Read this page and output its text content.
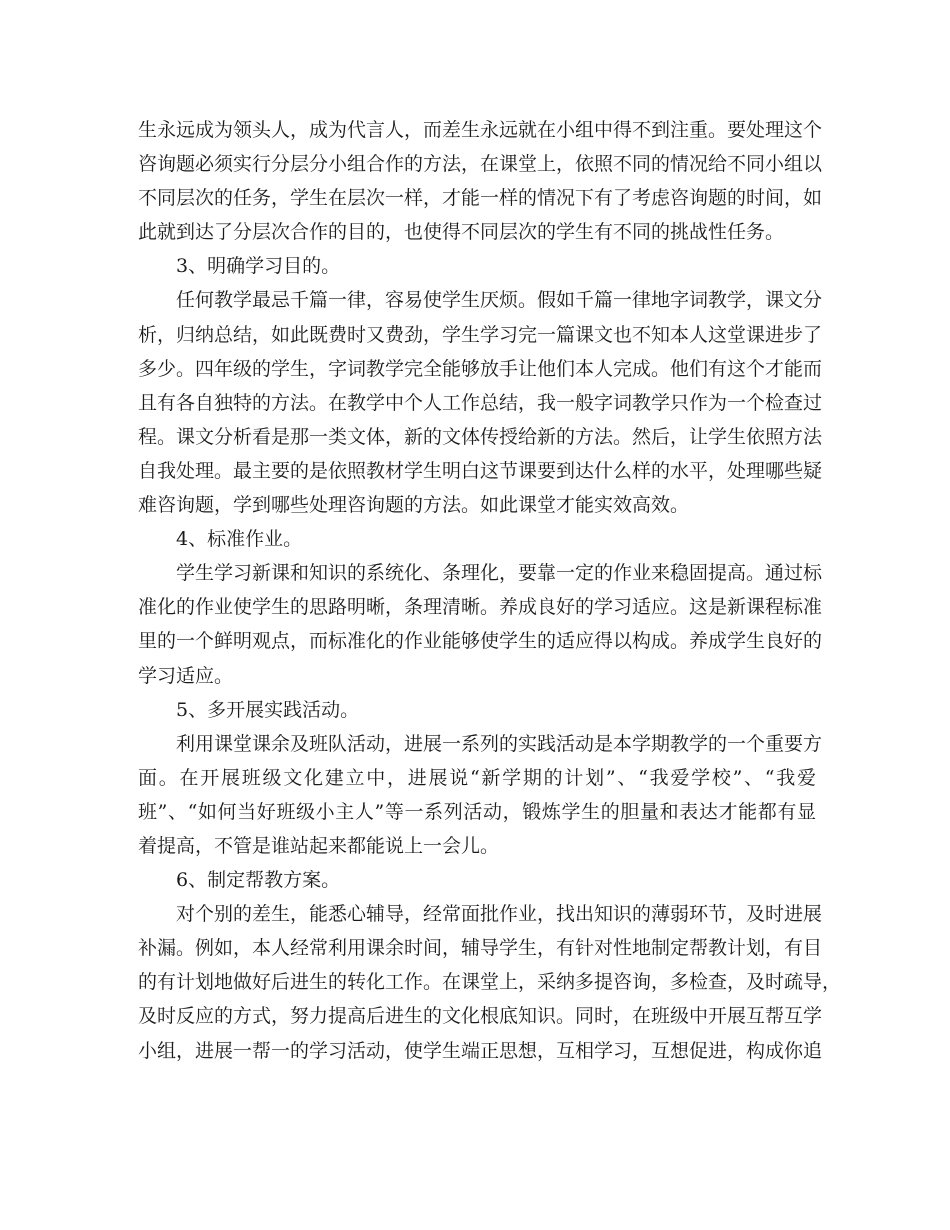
生永远成为领头人，成为代言人，而差生永远就在小组中得不到注重。要处理这个
咨询题必须实行分层分小组合作的方法，在课堂上，依照不同的情况给不同小组以
不同层次的任务，学生在层次一样，才能一样的情况下有了考虑咨询题的时间，如
此就到达了分层次合作的目的，也使得不同层次的学生有不同的挑战性任务。
3、明确学习目的。
任何教学最忌千篇一律，容易使学生厌烦。假如千篇一律地字词教学，课文分
析，归纳总结，如此既费时又费劲，学生学习完一篇课文也不知本人这堂课进步了
多少。四年级的学生，字词教学完全能够放手让他们本人完成。他们有这个才能而
且有各自独特的方法。在教学中个人工作总结，我一般字词教学只作为一个检查过
程。课文分析看是那一类文体，新的文体传授给新的方法。然后，让学生依照方法
自我处理。最主要的是依照教材学生明白这节课要到达什么样的水平，处理哪些疑
难咨询题，学到哪些处理咨询题的方法。如此课堂才能实效高效。
4、标准作业。
学生学习新课和知识的系统化、条理化，要靠一定的作业来稳固提高。通过标
准化的作业使学生的思路明晰，条理清晰。养成良好的学习适应。这是新课程标准
里的一个鲜明观点，而标准化的作业能够使学生的适应得以构成。养成学生良好的
学习适应。
5、多开展实践活动。
利用课堂课余及班队活动，进展一系列的实践活动是本学期教学的一个重要方
面。在开展班级文化建立中，进展说“新学期的计划”、“我爱学校”、“我爱
班”、“如何当好班级小主人”等一系列活动，锻炼学生的胆量和表达才能都有显
着提高，不管是谁站起来都能说上一会儿。
6、制定帮教方案。
对个别的差生，能悉心辅导，经常面批作业，找出知识的薄弱环节，及时进展
补漏。例如，本人经常利用课余时间，辅导学生，有针对性地制定帮教计划，有目
的有计划地做好后进生的转化工作。在课堂上，采纳多提咨询，多检查，及时疏导，
及时反应的方式，努力提高后进生的文化根底知识。同时，在班级中开展互帮互学
小组，进展一帮一的学习活动，使学生端正思想，互相学习，互想促进，构成你追
